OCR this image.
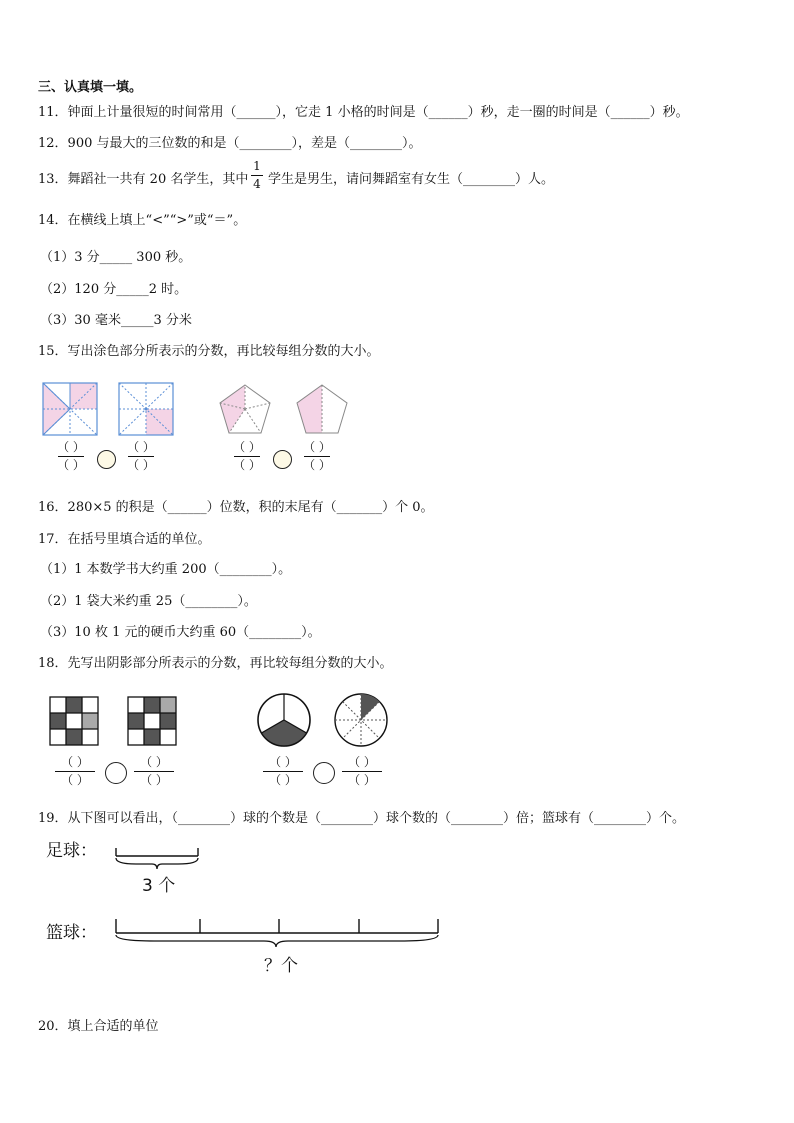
三、认真填一填。
11．钟面上计量很短的时间常用（______），它走 1 小格的时间是（______）秒，走一圈的时间是（______）秒。
12．900 与最大的三位数的和是（________），差是（________）。
13．舞蹈社一共有 20 名学生，其中
1
4 学生是男生，请问舞蹈室有女生（________）人。
14．在横线上填上“<”“>”或“＝”。
（1）3 分_____ 300 秒。
（2）120 分_____2 时。
（3）30 毫米_____3 分米
15．写出涂色部分所表示的分数，再比较每组分数的大小。
（ ）
（ ）
（ ）
（ ）
（ ）
（ ）
（ ）
（ ）
16．280×5 的积是（______）位数，积的末尾有（_______）个 0。
17．在括号里填合适的单位。
（1）1 本数学书大约重 200（________）。
（2）1 袋大米约重 25（________）。
（3）10 枚 1 元的硬币大约重 60（________）。
18．先写出阴影部分所表示的分数，再比较每组分数的大小。
（ ）
（ ）
（ ）
（ ）
（ ）
（ ）
（ ）
（ ）
19．从下图可以看出，（________）球的个数是（________）球个数的（________）倍；篮球有（________）个。
足球：
3 个
篮球：
？个
20．填上合适的单位
